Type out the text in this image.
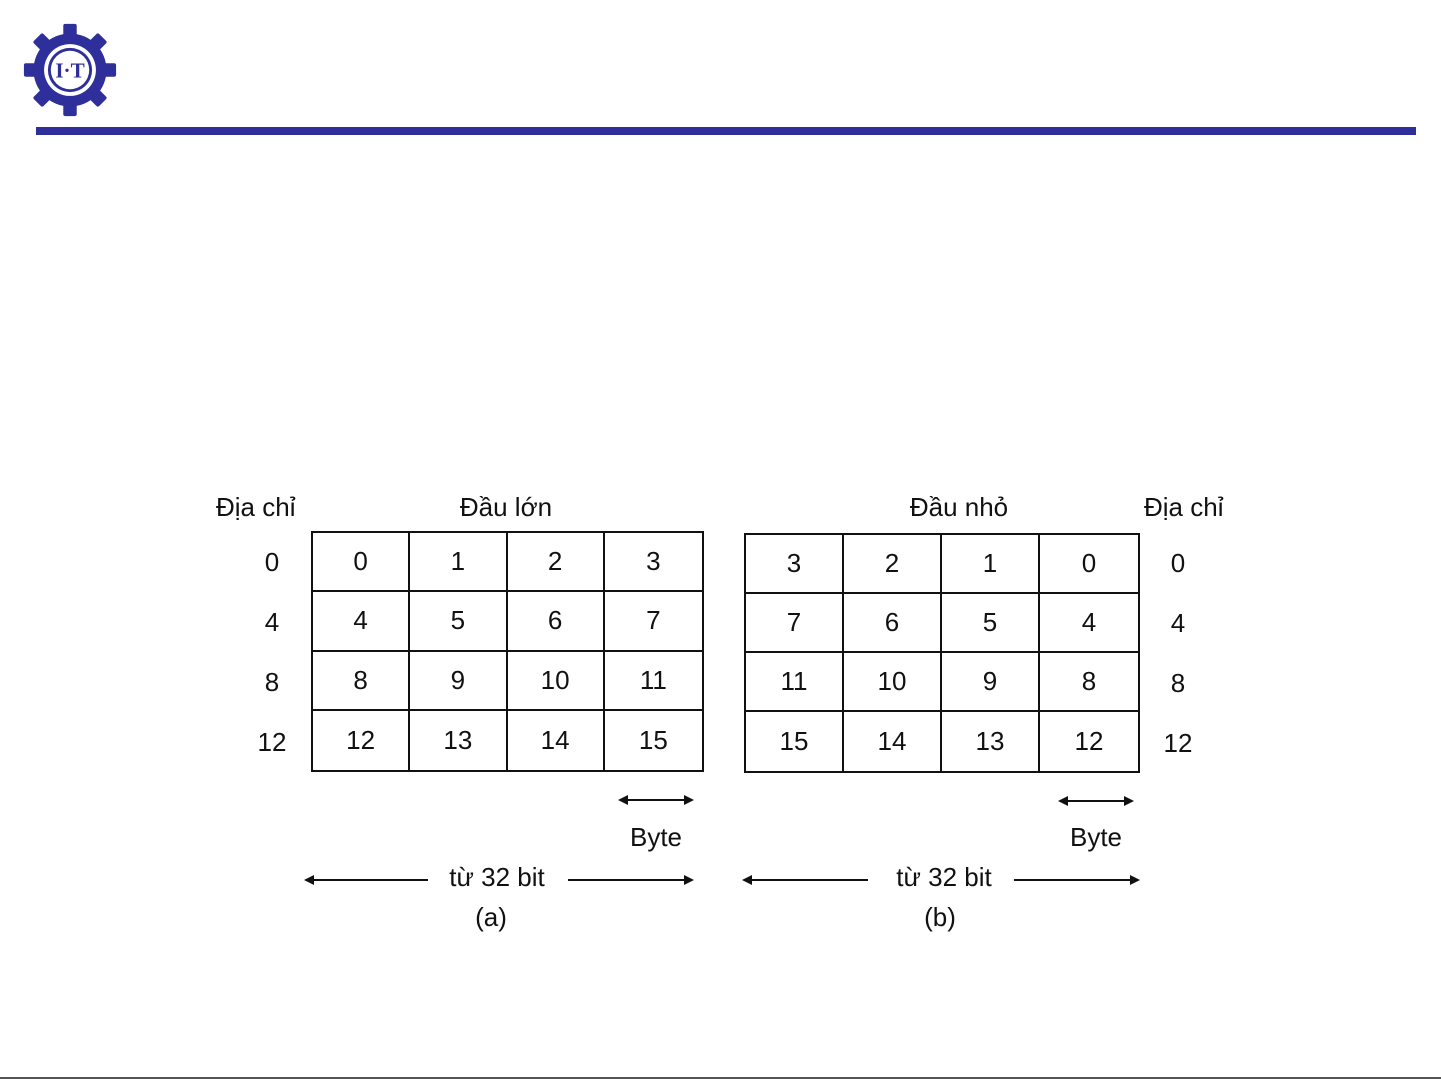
I·T
Địa chỉ	Đầu lớn
0
4
8
12
0	1	2	3
4	5	6	7
8	9	10	11
12	13	14	15
Byte
từ 32 bit
(a)
Đầu nhỏ	Địa chỉ
3	2	1	0
7	6	5	4
11	10	9	8
15	14	13	12
0
4
8
12
Byte
từ 32 bit
(b)
